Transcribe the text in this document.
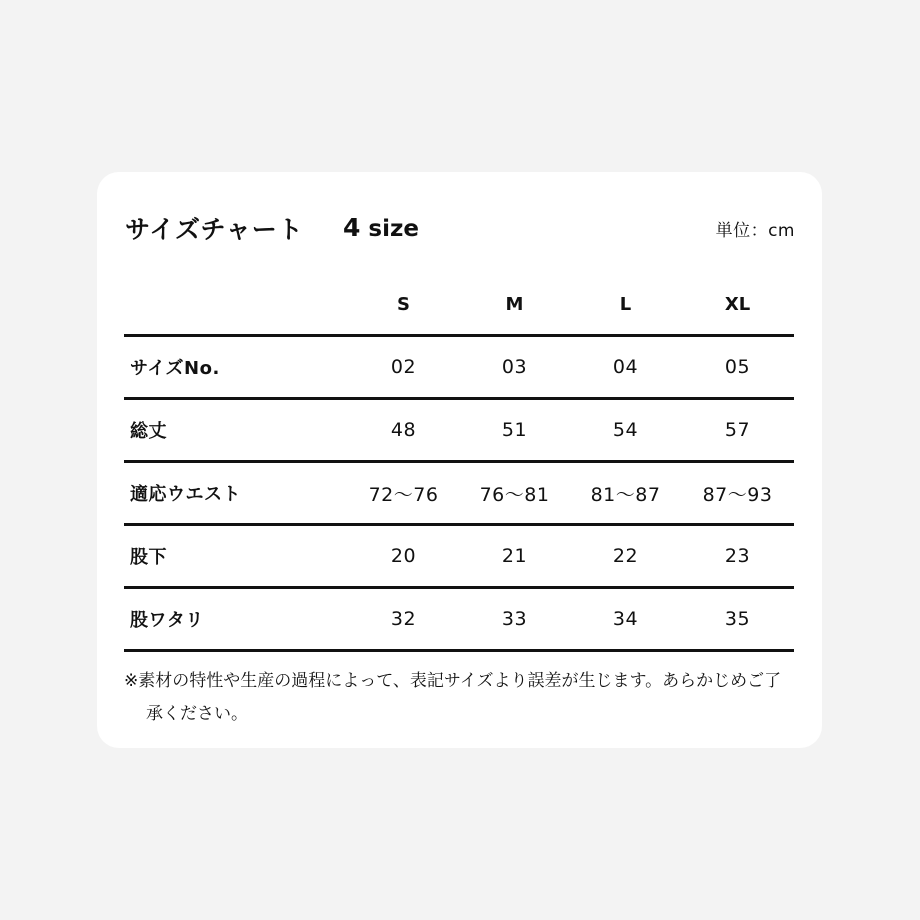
サイズチャート 4 size	単位：cm
	S	M	L	XL
サイズNo.	02	03	04	05
総丈	48	51	54	57
適応ウエスト	72〜76	76〜81	81〜87	87〜93
股下	20	21	22	23
股ワタリ	32	33	34	35
※素材の特性や生産の過程によって、表記サイズより誤差が生じます。あらかじめご了承ください。
